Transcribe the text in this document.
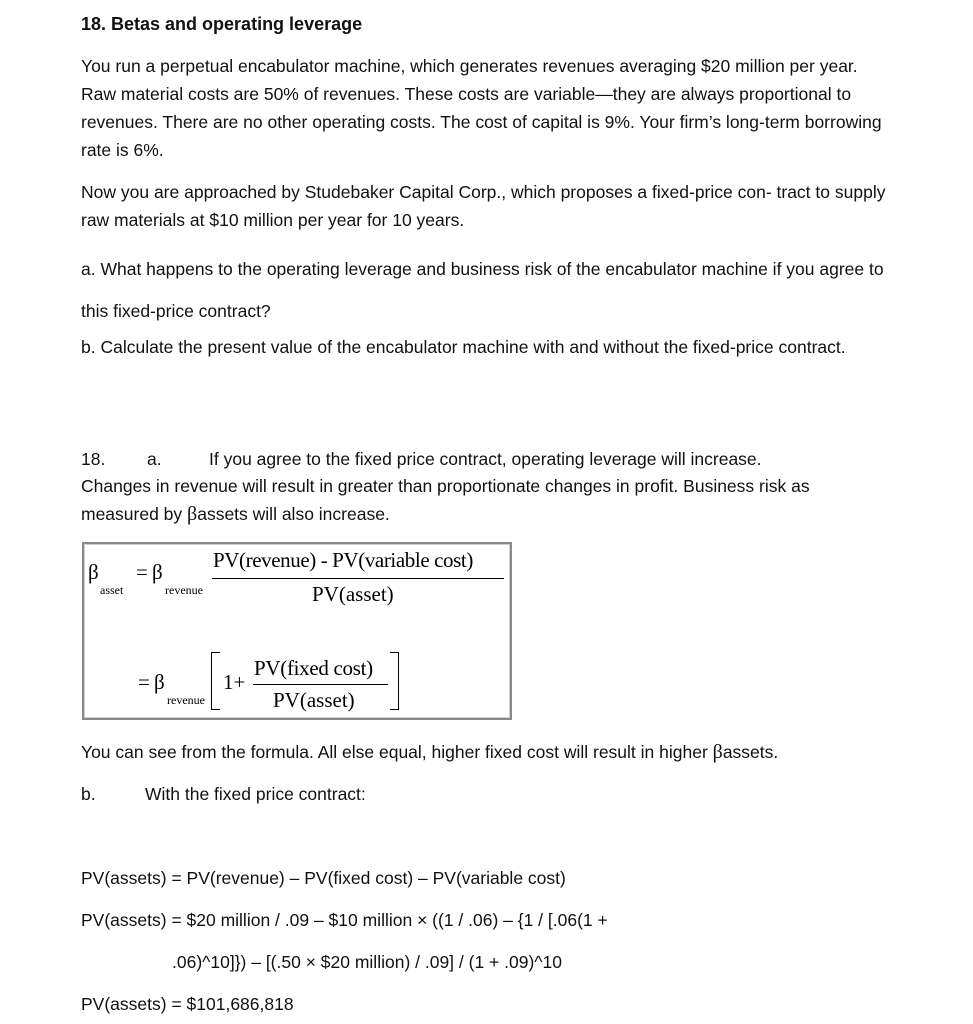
18. Betas and operating leverage

You run a perpetual encabulator machine, which generates revenues averaging $20 million per year. Raw material costs are 50% of revenues. These costs are variable—they are always proportional to revenues. There are no other operating costs. The cost of capital is 9%. Your firm’s long-term borrowing rate is 6%.

Now you are approached by Studebaker Capital Corp., which proposes a fixed-price con- tract to supply raw materials at $10 million per year for 10 years.

a. What happens to the operating leverage and business risk of the encabulator machine if you agree to this fixed-price contract?

b. Calculate the present value of the encabulator machine with and without the fixed-price contract.

18. a.	If you agree to the fixed price contract, operating leverage will increase.

Changes in revenue will result in greater than proportionate changes in profit. Business risk as measured by βassets will also increase.

β
asset
= β
revenue
PV(revenue) - PV(variable cost)
PV(asset)
= β
revenue
1+
PV(fixed cost)
PV(asset)

You can see from the formula. All else equal, higher fixed cost will result in higher βassets.

b.	With the fixed price contract:

PV(assets) = PV(revenue) – PV(fixed cost) – PV(variable cost)

PV(assets) = $20 million / .09 – $10 million × ((1 / .06) – {1 / [.06(1 +

.06)^10]}) – [(.50 × $20 million) / .09] / (1 + .09)^10

PV(assets) = $101,686,818
